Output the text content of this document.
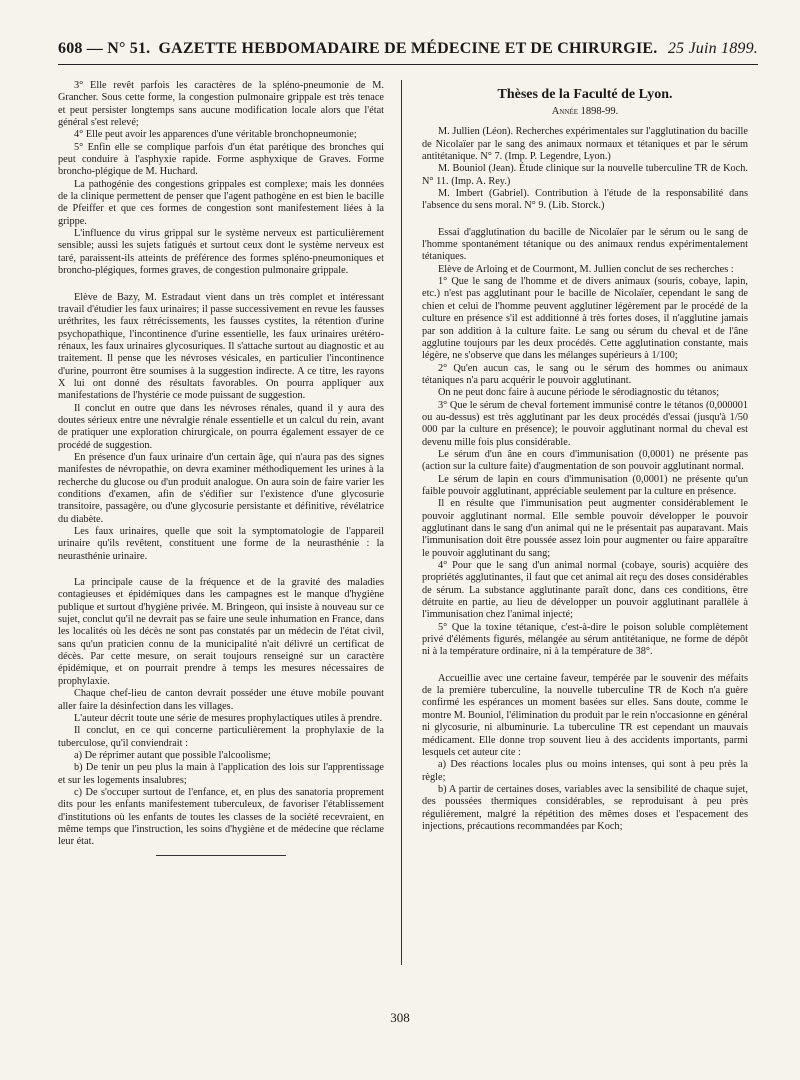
608 — N° 51. GAZETTE HEBDOMADAIRE DE MÉDECINE ET DE CHIRURGIE. 25 Juin 1899.

3° Elle revêt parfois les caractères de la spléno-pneumonie de M. Grancher. Sous cette forme, la congestion pulmonaire grippale est très tenace et peut persister longtemps sans aucune modification locale alors que l'état général s'est relevé;

4° Elle peut avoir les apparences d'une véritable bronchopneumonie;

5° Enfin elle se complique parfois d'un état parétique des bronches qui peut conduire à l'asphyxie rapide. Forme asphyxique de Graves. Forme broncho-plégique de M. Huchard.

La pathogénie des congestions grippales est complexe; mais les données de la clinique permettent de penser que l'agent pathogène en est bien le bacille de Pfeiffer et que ces formes de congestion sont manifestement liées à la grippe.

L'influence du virus grippal sur le système nerveux est particulièrement sensible; aussi les sujets fatigués et surtout ceux dont le système nerveux est taré, paraissent-ils atteints de préférence des formes spléno-pneumoniques et broncho-plégiques, formes graves, de congestion pulmonaire grippale.

Elève de Bazy, M. Estradaut vient dans un très complet et intéressant travail d'étudier les faux urinaires; il passe successivement en revue les fausses uréthrites, les faux rétrécissements, les fausses cystites, la rétention d'urine psychopathique, l'incontinence d'urine essentielle, les faux urinaires urétéro-rénaux, les faux urinaires glycosuriques. Il s'attache surtout au diagnostic et au traitement. Il pense que les névroses vésicales, en particulier l'incontinence d'urine, pourront être soumises à la suggestion indirecte. A ce titre, les rayons X lui ont donné des résultats favorables. On pourra appliquer aux manifestations de l'hystérie ce mode puissant de suggestion.

Il conclut en outre que dans les névroses rénales, quand il y aura des doutes sérieux entre une névralgie rénale essentielle et un calcul du rein, avant de pratiquer une exploration chirurgicale, on pourra également essayer de ce procédé de suggestion.

En présence d'un faux urinaire d'un certain âge, qui n'aura pas des signes manifestes de névropathie, on devra examiner méthodiquement les urines à la recherche du glucose ou d'un produit analogue. On aura soin de faire varier les conditions d'examen, afin de s'édifier sur l'existence d'une glycosurie transitoire, passagère, ou d'une glycosurie persistante et définitive, révélatrice du diabète.

Les faux urinaires, quelle que soit la symptomatologie de l'appareil urinaire qu'ils revêtent, constituent une forme de la neurasthénie : la neurasthénie urinaire.

La principale cause de la fréquence et de la gravité des maladies contagieuses et épidémiques dans les campagnes est le manque d'hygiène publique et surtout d'hygiène privée. M. Bringeon, qui insiste à nouveau sur ce sujet, conclut qu'il ne devrait pas se faire une seule inhumation en France, dans les localités où les décès ne sont pas constatés par un médecin de l'état civil, sans qu'un praticien connu de la municipalité n'ait délivré un certificat de décès. Par cette mesure, on serait toujours renseigné sur un caractère épidémique, et on pourrait prendre à temps les mesures nécessaires de prophylaxie.

Chaque chef-lieu de canton devrait posséder une étuve mobile pouvant aller faire la désinfection dans les villages.

L'auteur décrit toute une série de mesures prophylactiques utiles à prendre.

Il conclut, en ce qui concerne particulièrement la prophylaxie de la tuberculose, qu'il conviendrait :

a) De réprimer autant que possible l'alcoolisme;

b) De tenir un peu plus la main à l'application des lois sur l'apprentissage et sur les logements insalubres;

c) De s'occuper surtout de l'enfance, et, en plus des sanatoria proprement dits pour les enfants manifestement tuberculeux, de favoriser l'établissement d'institutions où les enfants de toutes les classes de la société recevraient, en même temps que l'instruction, les soins d'hygiène et de médecine que réclame leur état.

Thèses de la Faculté de Lyon.
Année 1898-99.

M. Jullien (Léon). Recherches expérimentales sur l'agglutination du bacille de Nicolaïer par le sang des animaux normaux et tétaniques et par le sérum antitétanique. N° 7. (Imp. P. Legendre, Lyon.)

M. Bouniol (Jean). Étude clinique sur la nouvelle tuberculine TR de Koch. N° 11. (Imp. A. Rey.)

M. Imbert (Gabriel). Contribution à l'étude de la responsabilité dans l'absence du sens moral. N° 9. (Lib. Storck.)

Essai d'agglutination du bacille de Nicolaïer par le sérum ou le sang de l'homme spontanément tétanique ou des animaux rendus expérimentalement tétaniques.

Elève de Arloing et de Courmont, M. Jullien conclut de ses recherches :

1° Que le sang de l'homme et de divers animaux (souris, cobaye, lapin, etc.) n'est pas agglutinant pour le bacille de Nicolaïer, cependant le sang de chien et celui de l'homme peuvent agglutiner légèrement par le procédé de la culture en présence s'il est additionné à très fortes doses, il n'agglutine jamais par son addition à la culture faite. Le sang ou sérum du cheval et de l'âne agglutine toujours par les deux procédés. Cette agglutination constante, mais légère, ne s'observe que dans les mélanges supérieurs à 1/100;

2° Qu'en aucun cas, le sang ou le sérum des hommes ou animaux tétaniques n'a paru acquérir le pouvoir agglutinant.

On ne peut donc faire à aucune période le sérodiagnostic du tétanos;

3° Que le sérum de cheval fortement immunisé contre le tétanos (0,000001 ou au-dessus) est très agglutinant par les deux procédés d'essai (jusqu'à 1/50 000 par la culture en présence); le pouvoir agglutinant normal du cheval est devenu mille fois plus considérable.

Le sérum d'un âne en cours d'immunisation (0,0001) ne présente pas (action sur la culture faite) d'augmentation de son pouvoir agglutinant normal.

Le sérum de lapin en cours d'immunisation (0,0001) ne présente qu'un faible pouvoir agglutinant, appréciable seulement par la culture en présence.

Il en résulte que l'immunisation peut augmenter considérablement le pouvoir agglutinant normal. Elle semble pouvoir développer le pouvoir agglutinant dans le sang d'un animal qui ne le présentait pas auparavant. Mais l'immunisation doit être poussée assez loin pour augmenter ou faire apparaître le pouvoir agglutinant du sang;

4° Pour que le sang d'un animal normal (cobaye, souris) acquière des propriétés agglutinantes, il faut que cet animal ait reçu des doses considérables de sérum. La substance agglutinante paraît donc, dans ces conditions, être détruite en partie, au lieu de développer un pouvoir agglutinant parallèle à l'immunisation chez l'animal injecté;

5° Que la toxine tétanique, c'est-à-dire le poison soluble complètement privé d'éléments figurés, mélangée au sérum antitétanique, ne forme de dépôt ni à la température ordinaire, ni à la température de 38°.

Accueillie avec une certaine faveur, tempérée par le souvenir des méfaits de la première tuberculine, la nouvelle tuberculine TR de Koch n'a guère confirmé les espérances un moment basées sur elles. Sans doute, comme le montre M. Bouniol, l'élimination du produit par le rein n'occasionne en général ni glycosurie, ni albuminurie. La tuberculine TR est cependant un mauvais médicament. Elle donne trop souvent lieu à des accidents importants, parmi lesquels cet auteur cite :

a) Des réactions locales plus ou moins intenses, qui sont à peu près la règle;

b) A partir de certaines doses, variables avec la sensibilité de chaque sujet, des poussées thermiques considérables, se reproduisant à peu près régulièrement, malgré la répétition des mêmes doses et l'espacement des injections, précautions recommandées par Koch;

308
